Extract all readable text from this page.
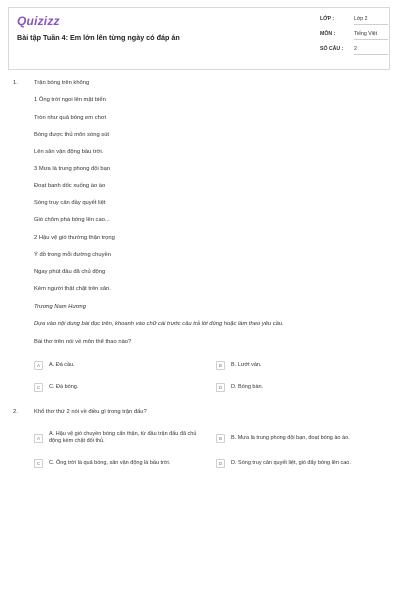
Quizizz
Bài tập Tuần 4: Em lớn lên từng ngày có đáp án
LỚP :	Lớp 2
MÔN :	Tiếng Việt
SỐ CÂU : 2
1.	Trận bóng trên không
1 Ông trời ngoi lên mặt biển
Tròn như quả bóng em chơi
Bóng được thủ môn sóng sút
Lên sân vận động bầu trời.
3 Mưa là trung phong đội bạn
Đoạt banh dốc xuống ào ào
Sóng truy cản đầy quyết liệt
Gió chôm phá bóng lên cao...
2 Hậu vệ gió thường thận trọng
Ý đồ trong mỗi đường chuyền
Ngay phút đầu đã chủ động
Kèm người thật chặt trên sân.
Trương Nam Hương
Dựa vào nội dung bài đọc trên, khoanh vào chữ cái trước câu trả lời đúng hoặc làm theo yêu cầu.
Bài thơ trên nói về môn thể thao nào?
A	A. Đá cầu.	B	B. Lướt ván.
C	C. Đá bóng.	D	D. Bóng bàn.
2.	Khổ thơ thứ 2 nói về điều gì trong trận đấu?
A
A. Hậu vệ gió chuyền bóng cẩn thận, từ đầu trận đấu đã chủ động kèm chặt đối thủ.	B	B. Mưa là trung phong đội bạn, đoạt bóng ào ào.
C	C. Ông trời là quả bóng, sân vận động là bầu trời.	D	D. Sóng truy cản quyết liệt, gió đẩy bóng lên cao.
